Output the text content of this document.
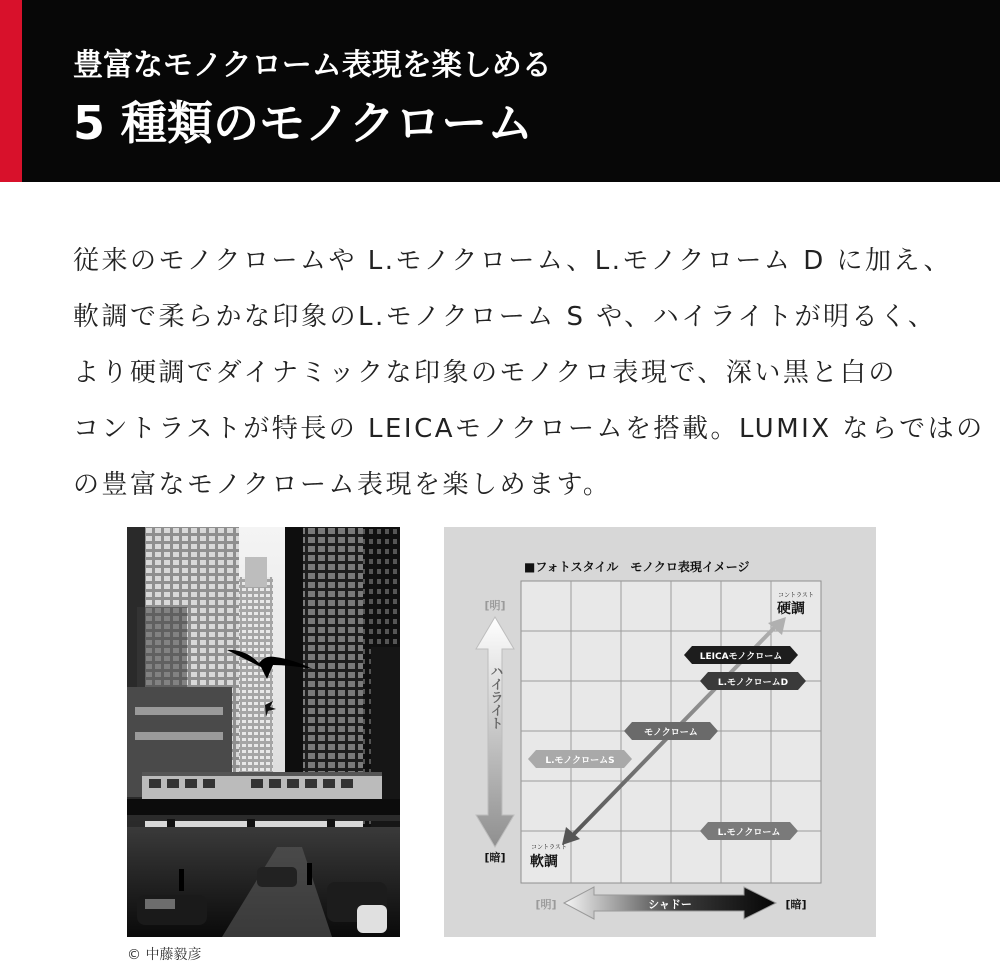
豊富なモノクローム表現を楽しめる
5 種類のモノクローム
従来のモノクロームや L.モノクローム、L.モノクローム D に加え、
軟調で柔らかな印象のL.モノクローム S や、ハイライトが明るく、
より硬調でダイナミックな印象のモノクロ表現で、深い黒と白の
コントラストが特長の LEICAモノクロームを搭載。LUMIX ならではの
の豊富なモノクローム表現を楽しめます。
© 中藤毅彦
■フォトスタイル　モノクロ表現イメージ
[明]
[暗]
ハイライト
[明]	[暗]
シャドー
コントラスト
硬調
コントラスト
軟調
LEICAモノクローム
L.モノクロームD
モノクローム
L.モノクロームS
L.モノクローム
